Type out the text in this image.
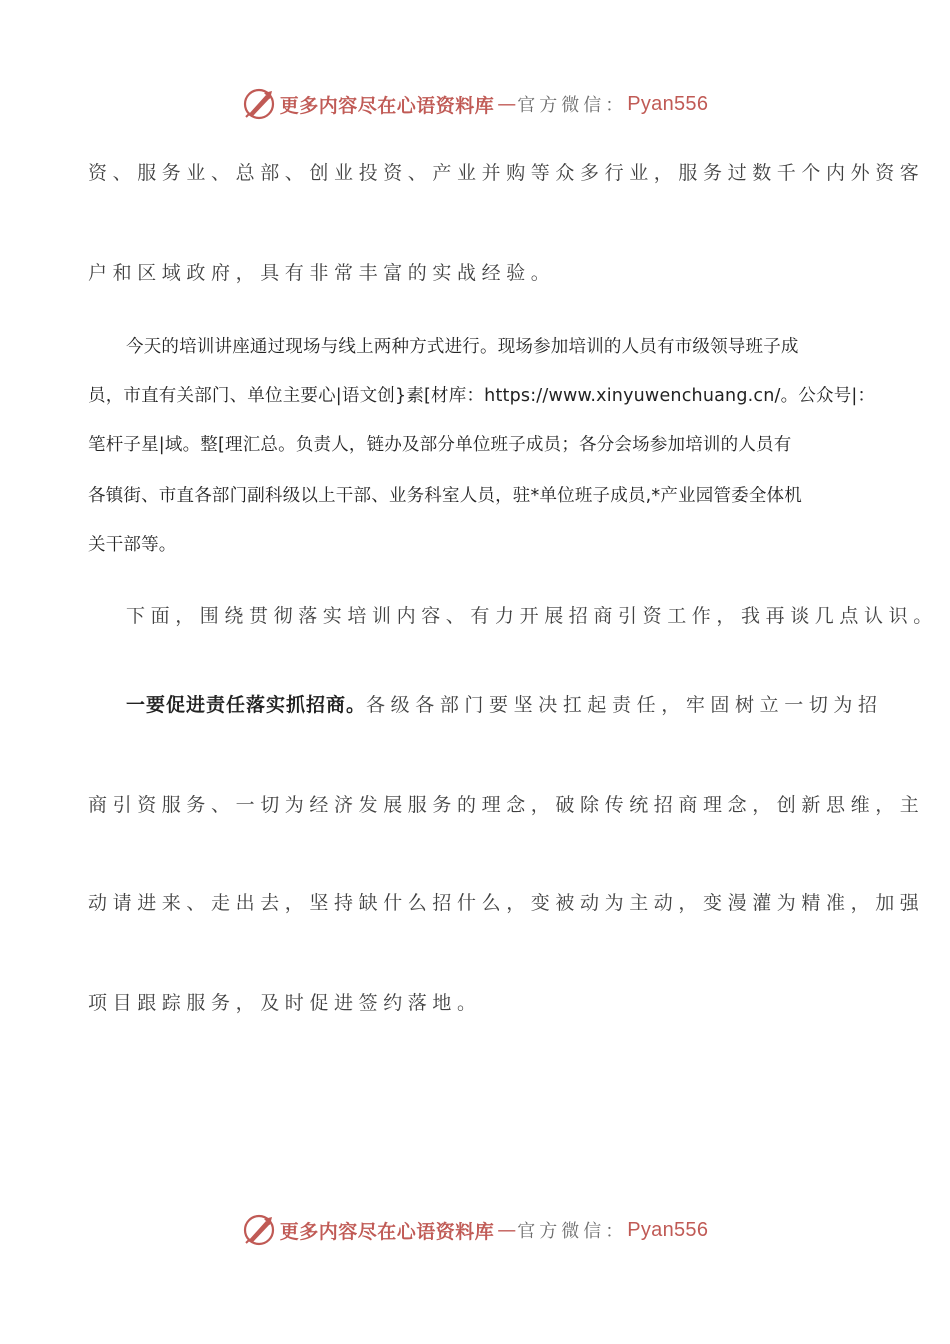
更多内容尽在心语资料库 — 官方微信： Pyan556
资、服务业、总部、创业投资、产业并购等众多行业，服务过数千个内外资客
户和区域政府，具有非常丰富的实战经验。
今天的培训讲座通过现场与线上两种方式进行。现场参加培训的人员有市级领导班子成
员，市直有关部门、单位主要心|语文创}素[材库：https://www.xinyuwenchuang.cn/。公众号|：
笔杆子星|域。整[理汇总。负责人，链办及部分单位班子成员；各分会场参加培训的人员有
各镇街、市直各部门副科级以上干部、业务科室人员，驻*单位班子成员,*产业园管委全体机
关干部等。
下面，围绕贯彻落实培训内容、有力开展招商引资工作，我再谈几点认识。
一要促进责任落实抓招商。各级各部门要坚决扛起责任，牢固树立一切为招
商引资服务、一切为经济发展服务的理念，破除传统招商理念，创新思维，主
动请进来、走出去，坚持缺什么招什么，变被动为主动，变漫灌为精准，加强
项目跟踪服务，及时促进签约落地。
更多内容尽在心语资料库 — 官方微信： Pyan556
